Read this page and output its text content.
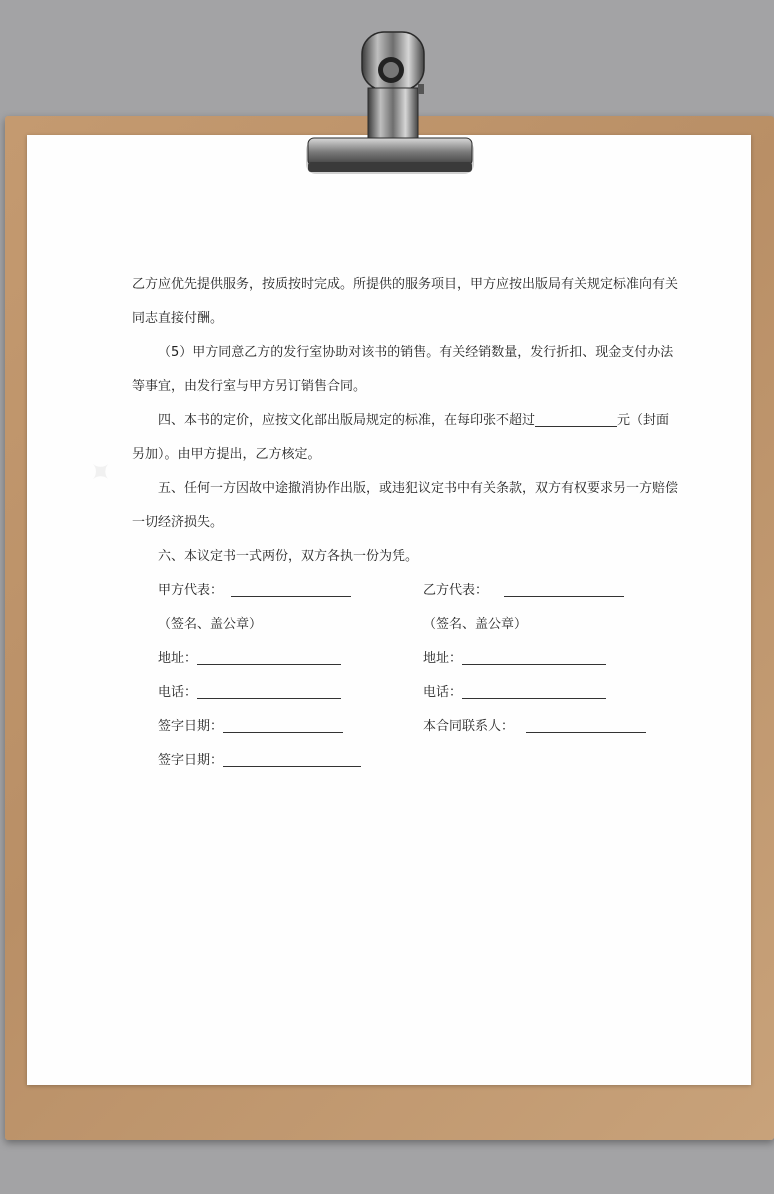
✦
乙方应优先提供服务，按质按时完成。所提供的服务项目，甲方应按出版局有关规定标准向有关
同志直接付酬。
（5）甲方同意乙方的发行室协助对该书的销售。有关经销数量，发行折扣、现金支付办法
等事宜，由发行室与甲方另订销售合同。
四、本书的定价，应按文化部出版局规定的标准，在每印张不超过	元（封面
另加）。由甲方提出，乙方核定。
五、任何一方因故中途撤消协作出版，或违犯议定书中有关条款，双方有权要求另一方赔偿
一切经济损失。
六、本议定书一式两份，双方各执一份为凭。
甲方代表：	乙方代表：
（签名、盖公章）	（签名、盖公章）
地址：	地址：
电话：	电话：
签字日期：	本合同联系人：
签字日期：
